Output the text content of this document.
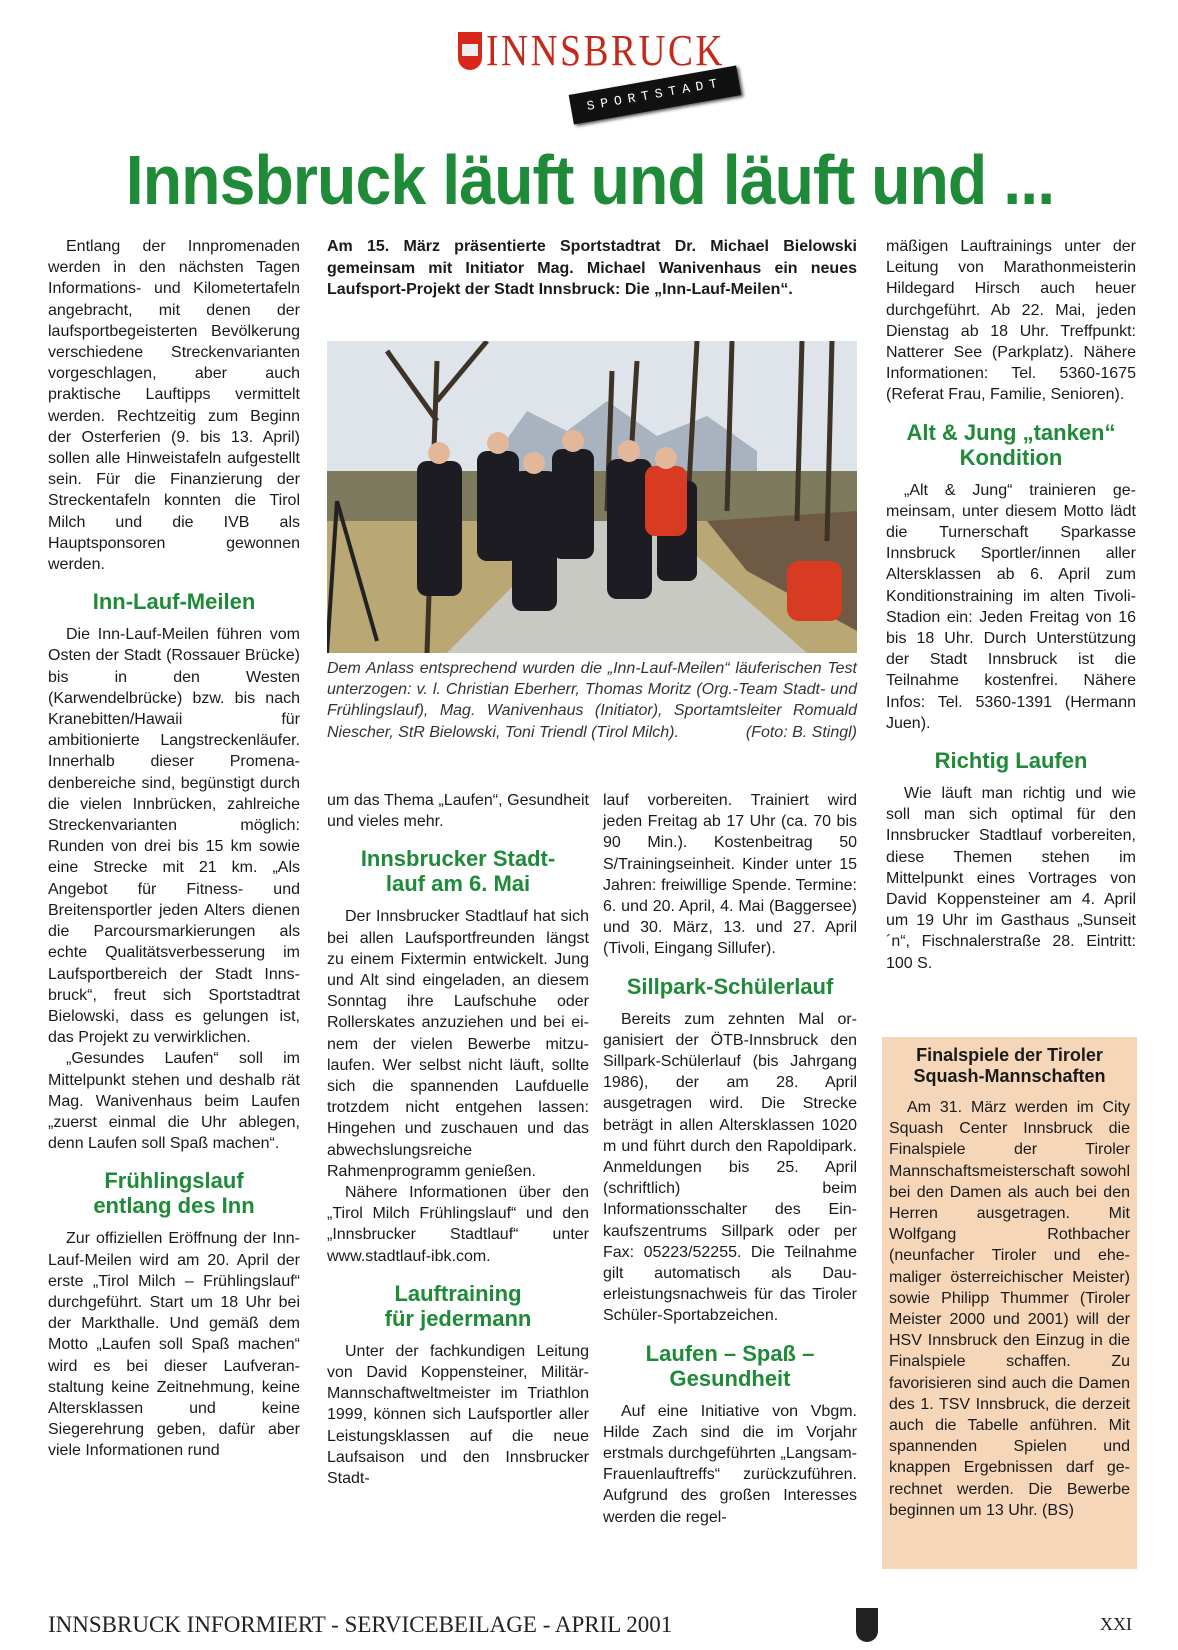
INNSBRUCK
SPORTSTADT
Innsbruck läuft und läuft und ...

Entlang der Innpromenaden werden in den nächsten Tagen Informations- und Kilometertafeln angebracht, mit denen der laufsportbegeisterten Bevölkerung verschiedene Streckenvarianten vorgeschlagen, aber auch praktische Lauftipps vermittelt werden. Rechtzeitig zum Beginn der Osterferien (9. bis 13. April) sollen alle Hinweistafeln aufgestellt sein. Für die Finanzierung der Streckentafeln konnten die Tirol Milch und die IVB als Hauptsponsoren gewonnen werden.

Inn-Lauf-Meilen

Die Inn-Lauf-Meilen führen vom Osten der Stadt (Rossauer Brücke) bis in den Westen (Karwendelbrücke) bzw. bis nach Kranebitten/Hawaii für ambitionierte Langstreckenläufer. Innerhalb dieser Promenadenbereiche sind, begünstigt durch die vielen Innbrücken, zahlreiche Streckenvarianten möglich: Runden von drei bis 15 km sowie eine Strecke mit 21 km. „Als Angebot für Fitness- und Breitensportler jeden Alters dienen die Parcoursmarkierungen als echte Qualitätsverbesserung im Laufsportbereich der Stadt Innsbruck“, freut sich Sportstadtrat Bielowski, dass es gelungen ist, das Projekt zu verwirklichen.

„Gesundes Laufen“ soll im Mittelpunkt stehen und deshalb rät Mag. Wanivenhaus beim Laufen „zuerst einmal die Uhr ablegen, denn Laufen soll Spaß machen“.

Frühlingslauf
entlang des Inn

Zur offiziellen Eröffnung der Inn-Lauf-Meilen wird am 20. April der erste „Tirol Milch – Frühlingslauf“ durchgeführt. Start um 18 Uhr bei der Markthalle. Und gemäß dem Motto „Laufen soll Spaß machen“ wird es bei dieser Laufveranstaltung keine Zeitnehmung, keine Altersklassen und keine Siegerehrung geben, dafür aber viele Informationen rund

Am 15. März präsentierte Sportstadtrat Dr. Michael Bielowski gemeinsam mit Initiator Mag. Michael Wanivenhaus ein neues Laufsport-Projekt der Stadt Innsbruck: Die „Inn-Lauf-Meilen“.
Dem Anlass entsprechend wurden die „Inn-Lauf-Meilen“ läuferischen Test unterzogen: v. l. Christian Eberherr, Thomas Moritz (Org.-Team Stadt- und Frühlingslauf), Mag. Wanivenhaus (Initiator), Sportamtsleiter Romuald Niescher, StR Bielowski, Toni Triendl (Tirol Milch).	(Foto: B. Stingl)

um das Thema „Laufen“, Gesundheit und vieles mehr.

Innsbrucker Stadt-
lauf am 6. Mai

Der Innsbrucker Stadtlauf hat sich bei allen Laufsportfreunden längst zu einem Fixtermin entwickelt. Jung und Alt sind eingeladen, an diesem Sonntag ihre Laufschuhe oder Rollerskates anzuziehen und bei einem der vielen Bewerbe mitzulaufen. Wer selbst nicht läuft, sollte sich die spannenden Laufduelle trotzdem nicht entgehen lassen: Hingehen und zuschauen und das abwechslungsreiche Rahmenprogramm genießen.

Nähere Informationen über den „Tirol Milch Frühlingslauf“ und den „Innsbrucker Stadtlauf“ unter www.stadtlauf-ibk.com.

Lauftraining
für jedermann

Unter der fachkundigen Leitung von David Koppensteiner, Militär-Mannschaftweltmeister im Triathlon 1999, können sich Laufsportler aller Leistungsklassen auf die neue Laufsaison und den Innsbrucker Stadt-

lauf vorbereiten. Trainiert wird jeden Freitag ab 17 Uhr (ca. 70 bis 90 Min.). Kostenbeitrag 50 S/Trainingseinheit. Kinder unter 15 Jahren: freiwillige Spende. Termine: 6. und 20. April, 4. Mai (Baggersee) und 30. März, 13. und 27. April (Tivoli, Eingang Sillufer).

Sillpark-Schülerlauf

Bereits zum zehnten Mal organisiert der ÖTB-Innsbruck den Sillpark-Schülerlauf (bis Jahrgang 1986), der am 28. April ausgetragen wird. Die Strecke beträgt in allen Altersklassen 1020 m und führt durch den Rapoldipark. Anmeldungen bis 25. April (schriftlich) beim Informationsschalter des Einkaufszentrums Sillpark oder per Fax: 05223/52255. Die Teilnahme gilt automatisch als Dauerleistungsnachweis für das Tiroler Schüler-Sportabzeichen.

Laufen – Spaß –
Gesundheit

Auf eine Initiative von Vbgm. Hilde Zach sind die im Vorjahr erstmals durchgeführten „Langsam-Frauenlauftreffs“ zurückzuführen. Aufgrund des großen Interesses werden die regel-

mäßigen Lauftrainings unter der Leitung von Marathonmeisterin Hildegard Hirsch auch heuer durchgeführt. Ab 22. Mai, jeden Dienstag ab 18 Uhr. Treffpunkt: Natterer See (Parkplatz). Nähere Informationen: Tel. 5360-1675 (Referat Frau, Familie, Senioren).

Alt & Jung „tanken“
Kondition

„Alt & Jung“ trainieren gemeinsam, unter diesem Motto lädt die Turnerschaft Sparkasse Innsbruck Sportler/innen aller Altersklassen ab 6. April zum Konditionstraining im alten Tivoli-Stadion ein: Jeden Freitag von 16 bis 18 Uhr. Durch Unterstützung der Stadt Innsbruck ist die Teilnahme kostenfrei. Nähere Infos: Tel. 5360-1391 (Hermann Juen).

Richtig Laufen

Wie läuft man richtig und wie soll man sich optimal für den Innsbrucker Stadtlauf vorbereiten, diese Themen stehen im Mittelpunkt eines Vortrages von David Koppensteiner am 4. April um 19 Uhr im Gasthaus „Sunseit´n“, Fischnalerstraße 28. Eintritt: 100 S.

Finalspiele der Tiroler
Squash-Mannschaften

Am 31. März werden im City Squash Center Innsbruck die Finalspiele der Tiroler Mannschaftsmeisterschaft sowohl bei den Damen als auch bei den Herren ausgetragen. Mit Wolfgang Rothbacher (neunfacher Tiroler und ehemaliger österreichischer Meister) sowie Philipp Thummer (Tiroler Meister 2000 und 2001) will der HSV Innsbruck den Einzug in die Finalspiele schaffen. Zu favorisieren sind auch die Damen des 1. TSV Innsbruck, die derzeit auch die Tabelle anführen. Mit spannenden Spielen und knappen Ergebnissen darf gerechnet werden. Die Bewerbe beginnen um 13 Uhr. (BS)

INNSBRUCK INFORMIERT - SERVICEBEILAGE - APRIL 2001	XXI
